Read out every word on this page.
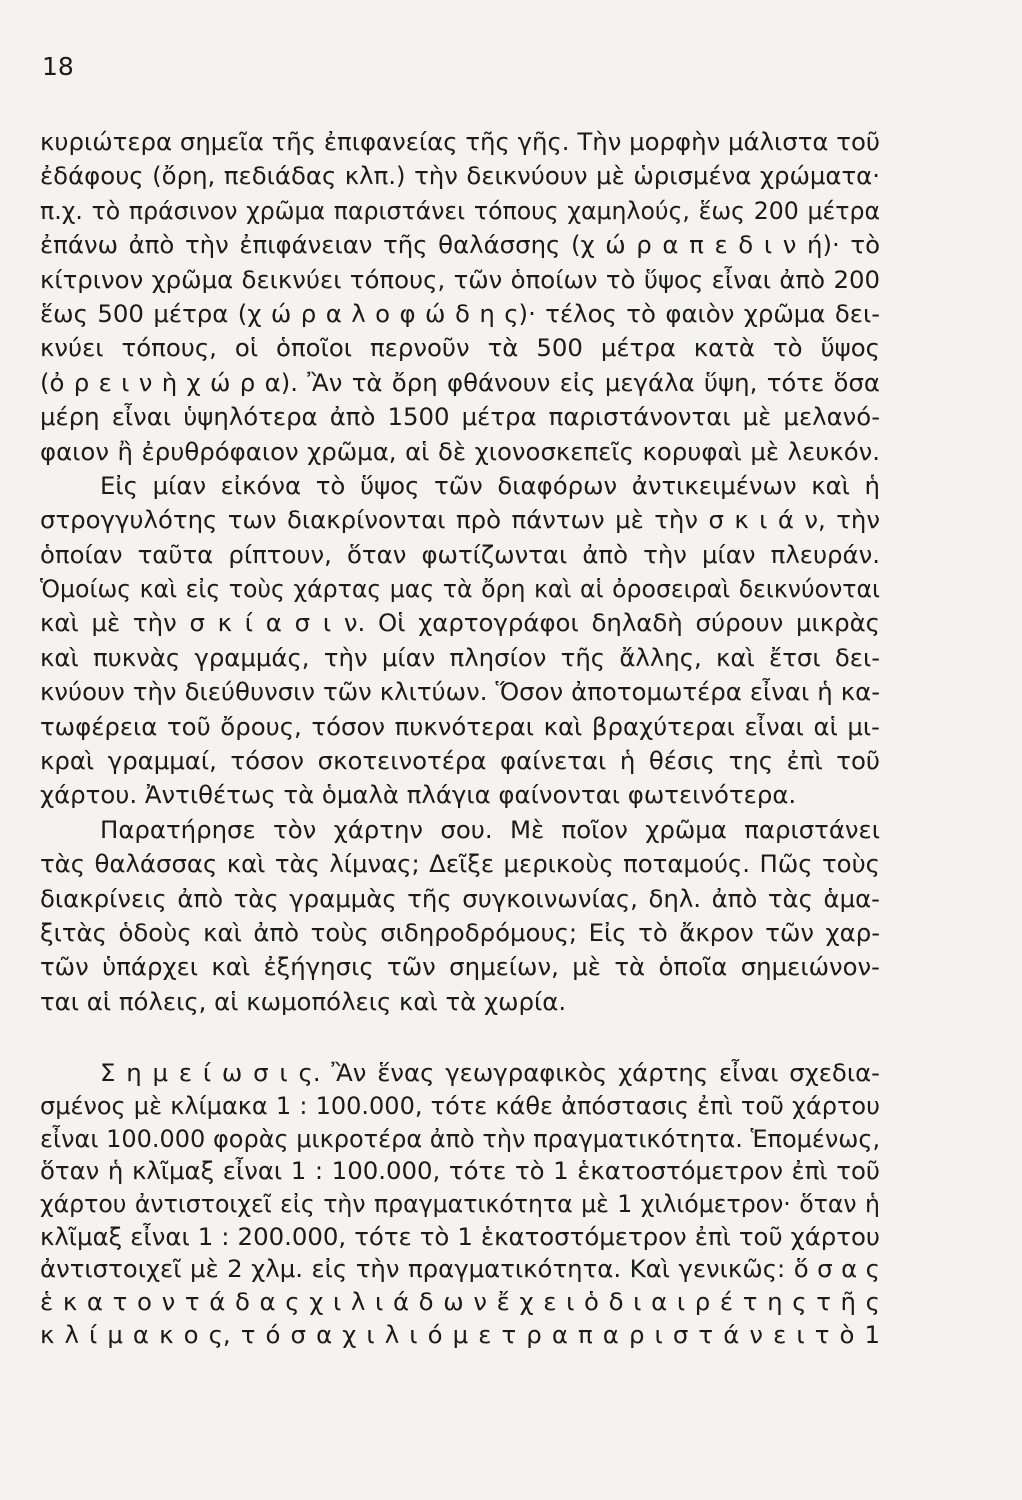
18
κυριώτερα σημεῖα τῆς ἐπιφανείας τῆς γῆς. Τὴν μορφὴν μάλιστα τοῦ
ἐδάφους (ὄρη, πεδιάδας κλπ.) τὴν δεικνύουν μὲ ὡρισμένα χρώματα·
π.χ. τὸ πράσινον χρῶμα παριστάνει τόπους χαμηλούς, ἕως 200 μέτρα
ἐπάνω ἀπὸ τὴν ἐπιφάνειαν τῆς θαλάσσης (χ ώ ρ α π ε δ ι ν ή)· τὸ
κίτρινον χρῶμα δεικνύει τόπους, τῶν ὁποίων τὸ ὕψος εἶναι ἀπὸ 200
ἕως 500 μέτρα (χ ώ ρ α λ ο φ ώ δ η ς)· τέλος τὸ φαιὸν χρῶμα δει-
κνύει τόπους, οἱ ὁποῖοι περνοῦν τὰ 500 μέτρα κατὰ τὸ ὕψος
(ὀ ρ ε ι ν ὴ χ ώ ρ α). Ἂν τὰ ὄρη φθάνουν εἰς μεγάλα ὕψη, τότε ὅσα
μέρη εἶναι ὑψηλότερα ἀπὸ 1500 μέτρα παριστάνονται μὲ μελανό-
φαιον ἢ ἐρυθρόφαιον χρῶμα, αἱ δὲ χιονοσκεπεῖς κορυφαὶ μὲ λευκόν.
Εἰς μίαν εἰκόνα τὸ ὕψος τῶν διαφόρων ἀντικειμένων καὶ ἡ
στρογγυλότης των διακρίνονται πρὸ πάντων μὲ τὴν σ κ ι ά ν, τὴν
ὁποίαν ταῦτα ρίπτουν, ὅταν φωτίζωνται ἀπὸ τὴν μίαν πλευράν.
Ὁμοίως καὶ εἰς τοὺς χάρτας μας τὰ ὄρη καὶ αἱ ὀροσειραὶ δεικνύονται
καὶ μὲ τὴν σ κ ί α σ ι ν. Οἱ χαρτογράφοι δηλαδὴ σύρουν μικρὰς
καὶ πυκνὰς γραμμάς, τὴν μίαν πλησίον τῆς ἄλλης, καὶ ἔτσι δει-
κνύουν τὴν διεύθυνσιν τῶν κλιτύων. Ὅσον ἀποτομωτέρα εἶναι ἡ κα-
τωφέρεια τοῦ ὄρους, τόσον πυκνότεραι καὶ βραχύτεραι εἶναι αἱ μι-
κραὶ γραμμαί, τόσον σκοτεινοτέρα φαίνεται ἡ θέσις της ἐπὶ τοῦ
χάρτου. Ἀντιθέτως τὰ ὁμαλὰ πλάγια φαίνονται φωτεινότερα.
Παρατήρησε τὸν χάρτην σου. Μὲ ποῖον χρῶμα παριστάνει
τὰς θαλάσσας καὶ τὰς λίμνας; Δεῖξε μερικοὺς ποταμούς. Πῶς τοὺς
διακρίνεις ἀπὸ τὰς γραμμὰς τῆς συγκοινωνίας, δηλ. ἀπὸ τὰς ἁμα-
ξιτὰς ὁδοὺς καὶ ἀπὸ τοὺς σιδηροδρόμους; Εἰς τὸ ἄκρον τῶν χαρ-
τῶν ὑπάρχει καὶ ἐξήγησις τῶν σημείων, μὲ τὰ ὁποῖα σημειώνον-
ται αἱ πόλεις, αἱ κωμοπόλεις καὶ τὰ χωρία.
Σ η μ ε ί ω σ ι ς. Ἂν ἕνας γεωγραφικὸς χάρτης εἶναι σχεδια-
σμένος μὲ κλίμακα 1 : 100.000, τότε κάθε ἀπόστασις ἐπὶ τοῦ χάρτου
εἶναι 100.000 φορὰς μικροτέρα ἀπὸ τὴν πραγματικότητα. Ἑπομένως,
ὅταν ἡ κλῖμαξ εἶναι 1 : 100.000, τότε τὸ 1 ἑκατοστόμετρον ἐπὶ τοῦ
χάρτου ἀντιστοιχεῖ εἰς τὴν πραγματικότητα μὲ 1 χιλιόμετρον· ὅταν ἡ
κλῖμαξ εἶναι 1 : 200.000, τότε τὸ 1 ἑκατοστόμετρον ἐπὶ τοῦ χάρτου
ἀντιστοιχεῖ μὲ 2 χλμ. εἰς τὴν πραγματικότητα. Καὶ γενικῶς: ὅ σ α ς
ἑ κ α τ ο ν τ ά δ α ς χ ι λ ι ά δ ω ν ἔ χ ε ι ὁ δ ι α ι ρ έ τ η ς τ ῆ ς
κ λ ί μ α κ ο ς, τ ό σ α χ ι λ ι ό μ ε τ ρ α π α ρ ι σ τ ά ν ε ι τ ὸ 1
